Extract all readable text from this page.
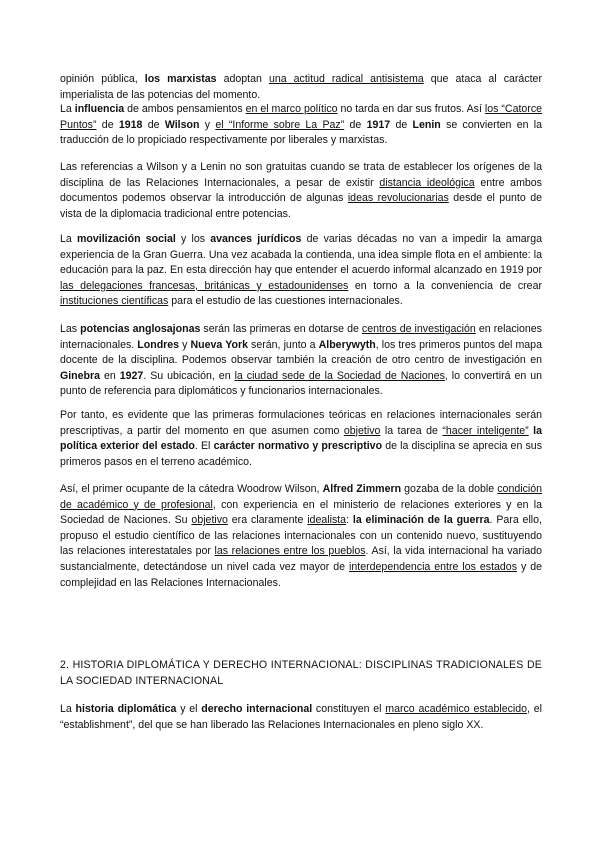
opinión pública, los marxistas adoptan una actitud radical antisistema que ataca al carácter imperialista de las potencias del momento.

La influencia de ambos pensamientos en el marco político no tarda en dar sus frutos. Así los “Catorce Puntos” de 1918 de Wilson y el “Informe sobre La Paz” de 1917 de Lenin se convierten en la traducción de lo propiciado respectivamente por liberales y marxistas.

Las referencias a Wilson y a Lenin no son gratuitas cuando se trata de establecer los orígenes de la disciplina de las Relaciones Internacionales, a pesar de existir distancia ideológica entre ambos documentos podemos observar la introducción de algunas ideas revolucionarias desde el punto de vista de la diplomacia tradicional entre potencias.

La movilización social y los avances jurídicos de varias décadas no van a impedir la amarga experiencia de la Gran Guerra. Una vez acabada la contienda, una idea simple flota en el ambiente: la educación para la paz. En esta dirección hay que entender el acuerdo informal alcanzado en 1919 por las delegaciones francesas, británicas y estadounidenses en torno a la conveniencia de crear instituciones científicas para el estudio de las cuestiones internacionales.

Las potencias anglosajonas serán las primeras en dotarse de centros de investigación en relaciones internacionales. Londres y Nueva York serán, junto a Alberywyth, los tres primeros puntos del mapa docente de la disciplina. Podemos observar también la creación de otro centro de investigación en Ginebra en 1927. Su ubicación, en la ciudad sede de la Sociedad de Naciones, lo convertirá en un punto de referencia para diplomáticos y funcionarios internacionales.

Por tanto, es evidente que las primeras formulaciones teóricas en relaciones internacionales serán prescriptivas, a partir del momento en que asumen como objetivo la tarea de “hacer inteligente” la política exterior del estado. El carácter normativo y prescriptivo de la disciplina se aprecia en sus primeros pasos en el terreno académico.

Así, el primer ocupante de la cátedra Woodrow Wilson, Alfred Zimmern gozaba de la doble condición de académico y de profesional, con experiencia en el ministerio de relaciones exteriores y en la Sociedad de Naciones. Su objetivo era claramente idealista: la eliminación de la guerra. Para ello, propuso el estudio científico de las relaciones internacionales con un contenido nuevo, sustituyendo las relaciones interestatales por las relaciones entre los pueblos. Así, la vida internacional ha variado sustancialmente, detectándose un nivel cada vez mayor de interdependencia entre los estados y de complejidad en las Relaciones Internacionales.

2. HISTORIA DIPLOMÁTICA Y DERECHO INTERNACIONAL: DISCIPLINAS TRADICIONALES DE LA SOCIEDAD INTERNACIONAL

La historia diplomática y el derecho internacional constituyen el marco académico establecido, el “establishment”, del que se han liberado las Relaciones Internacionales en pleno siglo XX.
